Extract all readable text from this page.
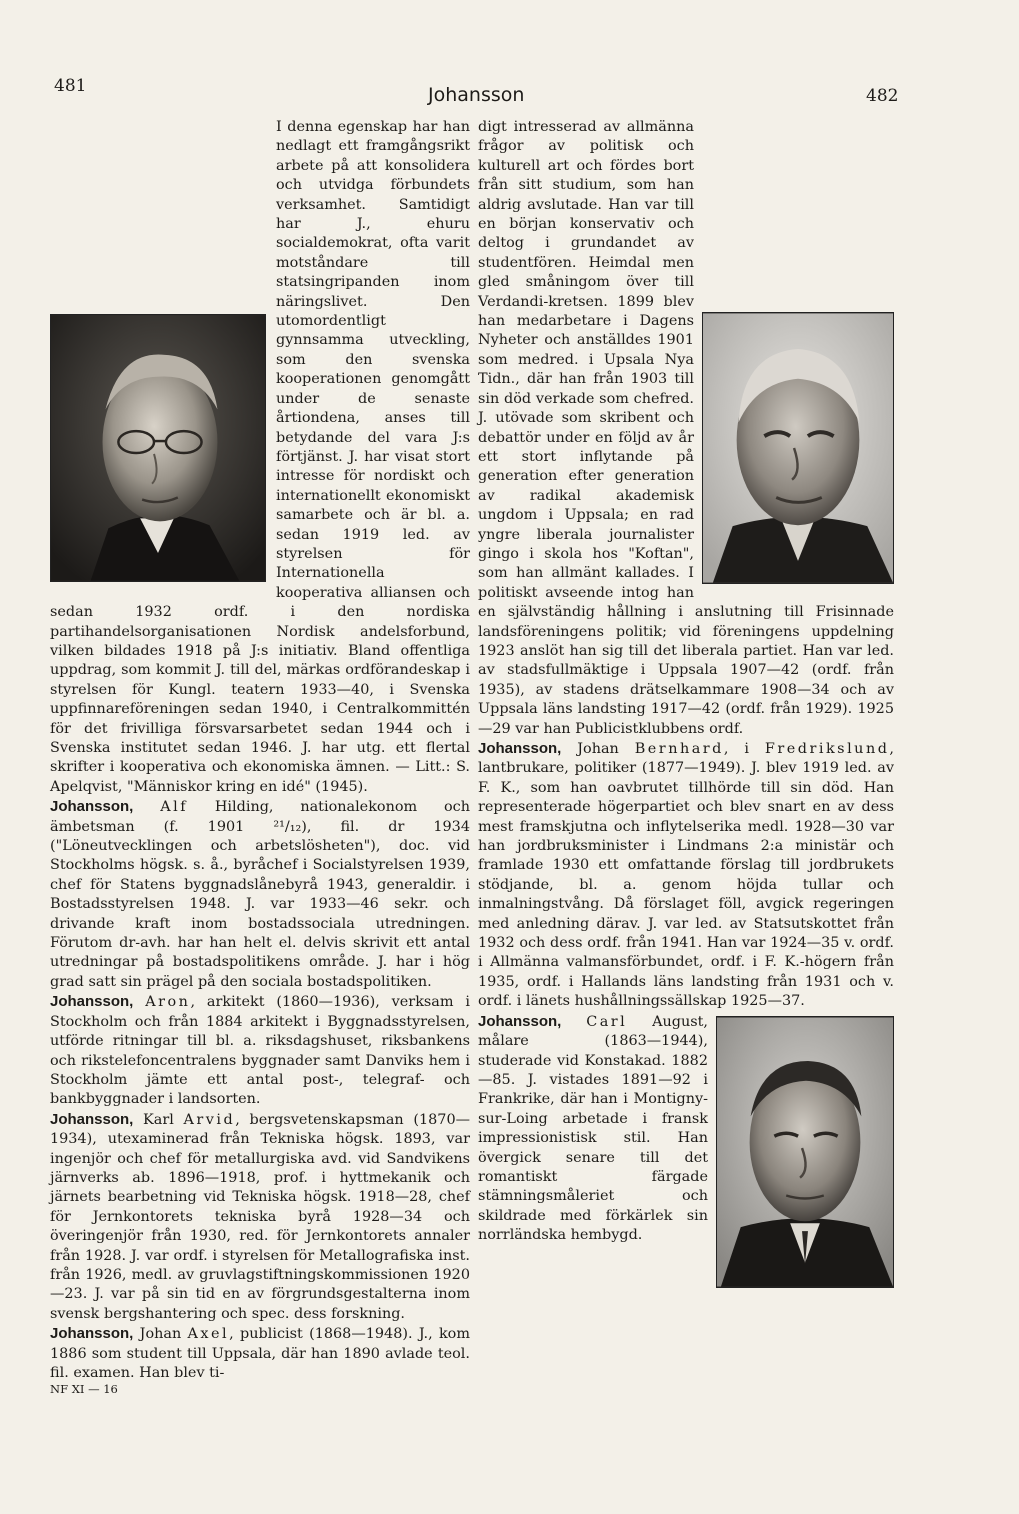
481	Johansson	482

I denna egenskap har han nedlagt ett framgångsrikt arbete på att konsolidera och utvidga förbundets verksamhet. Samtidigt har J., ehuru socialdemokrat, ofta varit motståndare till statsingripanden inom näringslivet. Den utomordentligt gynnsamma utveckling, som den svenska kooperationen genomgått under de senaste årtiondena, anses till betydande del vara J:s förtjänst. J. har visat stort intresse för nordiskt och internationellt ekonomiskt samarbete och är bl. a. sedan 1919 led. av styrelsen för Internationella kooperativa alliansen och sedan 1932 ordf. i den nordiska partihandelsorganisationen Nordisk andelsforbund, vilken bildades 1918 på J:s initiativ. Bland offentliga uppdrag, som kommit J. till del, märkas ordförandeskap i styrelsen för Kungl. teatern 1933—40, i Svenska uppfinnareföreningen sedan 1940, i Centralkommittén för det frivilliga försvarsarbetet sedan 1944 och i Svenska institutet sedan 1946. J. har utg. ett flertal skrifter i kooperativa och ekonomiska ämnen. — Litt.: S. Apelqvist, "Människor kring en idé" (1945).

Johansson, Alf Hilding, nationalekonom och ämbetsman (f. 1901 ²¹/₁₂), fil. dr 1934 ("Löneutvecklingen och arbetslösheten"), doc. vid Stockholms högsk. s. å., byråchef i Socialstyrelsen 1939, chef för Statens byggnadslånebyrå 1943, generaldir. i Bostadsstyrelsen 1948. J. var 1933—46 sekr. och drivande kraft inom bostadssociala utredningen. Förutom dr-avh. har han helt el. delvis skrivit ett antal utredningar på bostadspolitikens område. J. har i hög grad satt sin prägel på den sociala bostadspolitiken.

Johansson, Aron, arkitekt (1860—1936), verksam i Stockholm och från 1884 arkitekt i Byggnadsstyrelsen, utförde ritningar till bl. a. riksdagshuset, riksbankens och rikstelefoncentralens byggnader samt Danviks hem i Stockholm jämte ett antal post-, telegraf- och bankbyggnader i landsorten.

Johansson, Karl Arvid, bergsvetenskapsman (1870—1934), utexaminerad från Tekniska högsk. 1893, var ingenjör och chef för metallurgiska avd. vid Sandvikens järnverks ab. 1896—1918, prof. i hyttmekanik och järnets bearbetning vid Tekniska högsk. 1918—28, chef för Jernkontorets tekniska byrå 1928—34 och överingenjör från 1930, red. för Jernkontorets annaler från 1928. J. var ordf. i styrelsen för Metallografiska inst. från 1926, medl. av gruvlagstiftningskommissionen 1920—23. J. var på sin tid en av förgrundsgestalterna inom svensk bergshantering och spec. dess forskning.

Johansson, Johan Axel, publicist (1868—1948). J., kom 1886 som student till Uppsala, där han 1890 avlade teol. fil. examen. Han blev ti-

digt intresserad av allmänna frågor av politisk och kulturell art och fördes bort från sitt studium, som han aldrig avslutade. Han var till en början konservativ och deltog i grundandet av studentfören. Heimdal men gled småningom över till Verdandi-kretsen. 1899 blev han medarbetare i Dagens Nyheter och anställdes 1901 som medred. i Upsala Nya Tidn., där han från 1903 till sin död verkade som chefred. J. utövade som skribent och debattör under en följd av år ett stort inflytande på generation efter generation av radikal akademisk ungdom i Uppsala; en rad yngre liberala journalister gingo i skola hos "Koftan", som han allmänt kallades. I politiskt avseende intog han en självständig hållning i anslutning till Frisinnade landsföreningens politik; vid föreningens uppdelning 1923 anslöt han sig till det liberala partiet. Han var led. av stadsfullmäktige i Uppsala 1907—42 (ordf. från 1935), av stadens drätselkammare 1908—34 och av Uppsala läns landsting 1917—42 (ordf. från 1929). 1925—29 var han Publicistklubbens ordf.

Johansson, Johan Bernhard, i Fredrikslund, lantbrukare, politiker (1877—1949). J. blev 1919 led. av F. K., som han oavbrutet tillhörde till sin död. Han representerade högerpartiet och blev snart en av dess mest framskjutna och inflytelserika medl. 1928—30 var han jordbruksminister i Lindmans 2:a ministär och framlade 1930 ett omfattande förslag till jordbrukets stödjande, bl. a. genom höjda tullar och inmalningstvång. Då förslaget föll, avgick regeringen med anledning därav. J. var led. av Statsutskottet från 1932 och dess ordf. från 1941. Han var 1924—35 v. ordf. i Allmänna valmansförbundet, ordf. i F. K.-högern från 1935, ordf. i Hallands läns landsting från 1931 och v. ordf. i länets hushållningssällskap 1925—37.

Johansson, Carl August, målare (1863—1944), studerade vid Konstakad. 1882—85. J. vistades 1891—92 i Frankrike, där han i Montigny-sur-Loing arbetade i fransk impressionistisk stil. Han övergick senare till det romantiskt färgade stämningsmåleriet och skildrade med förkärlek sin norrländska hembygd.

NF XI — 16
